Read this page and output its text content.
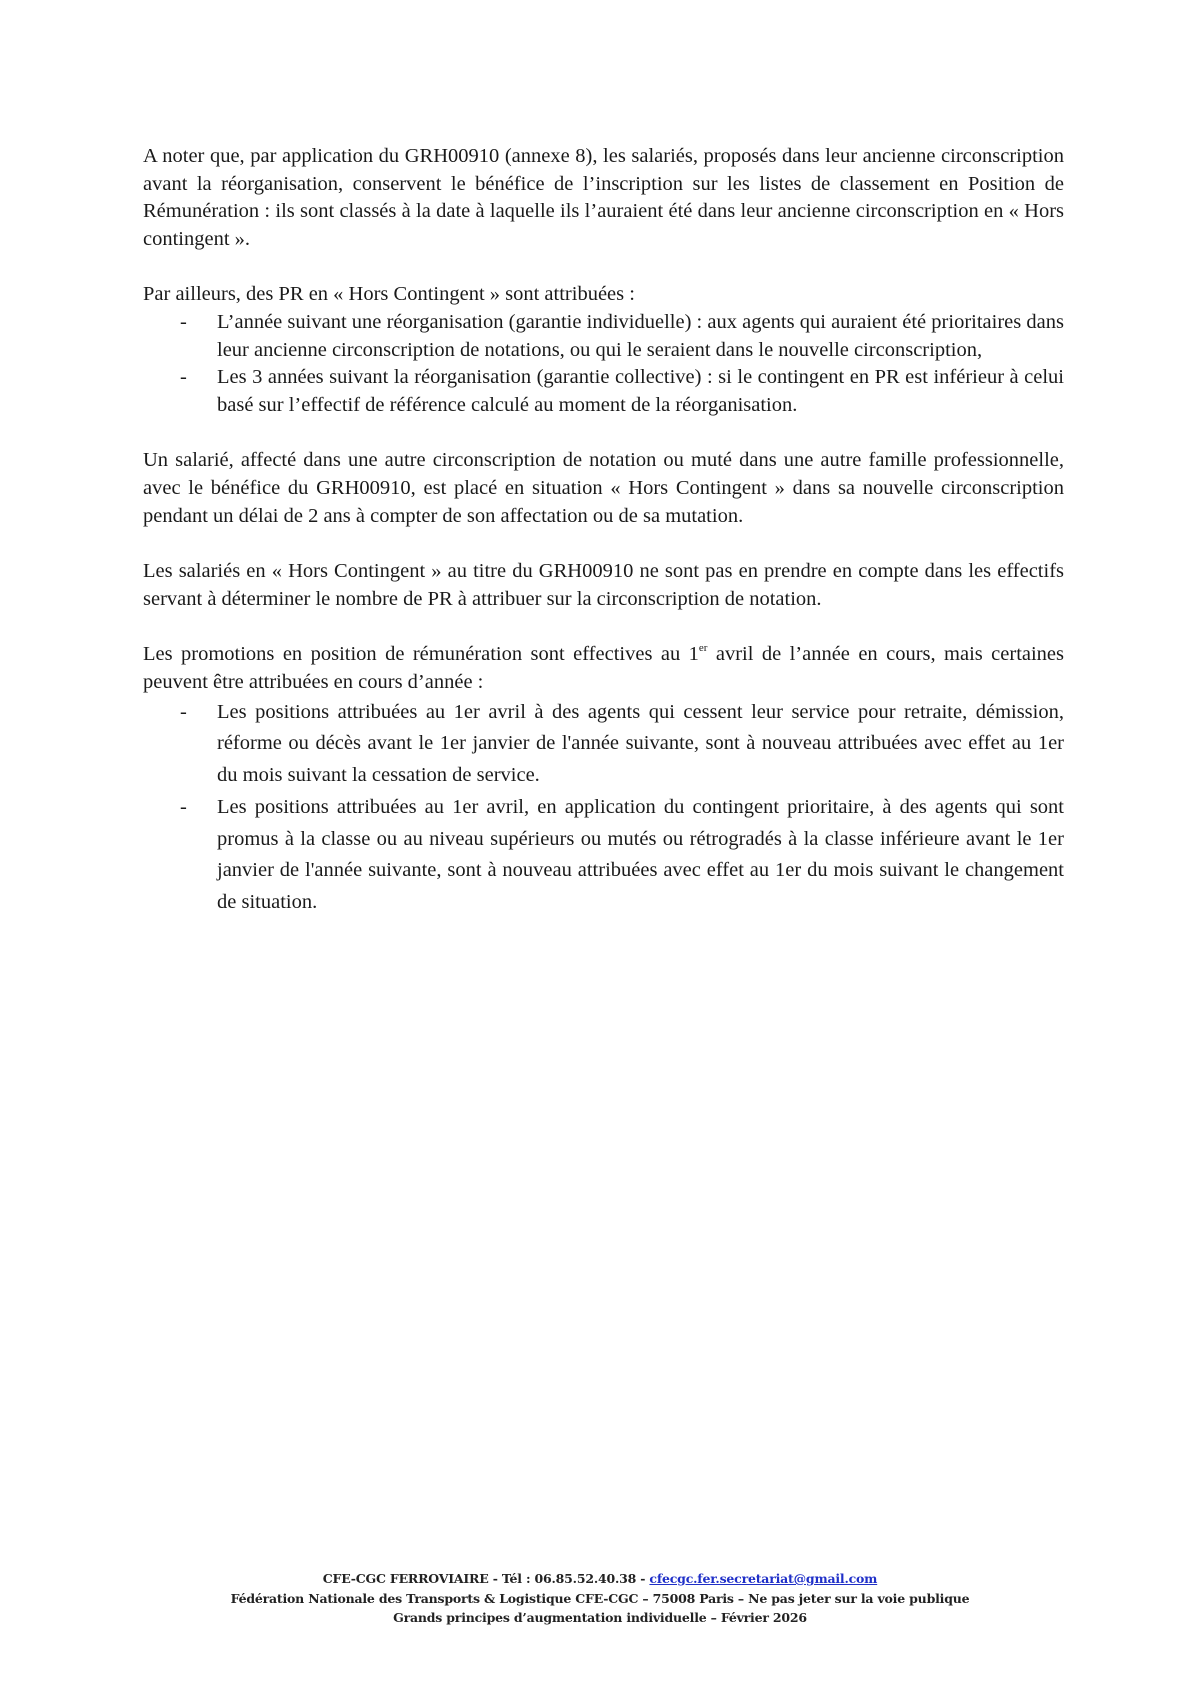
A noter que, par application du GRH00910 (annexe 8), les salariés, proposés dans leur ancienne circonscription avant la réorganisation, conservent le bénéfice de l’inscription sur les listes de classement en Position de Rémunération : ils sont classés à la date à laquelle ils l’auraient été dans leur ancienne circonscription en « Hors contingent ».

Par ailleurs, des PR en « Hors Contingent » sont attribuées :

- L’année suivant une réorganisation (garantie individuelle) : aux agents qui auraient été prioritaires dans leur ancienne circonscription de notations, ou qui le seraient dans le nouvelle circonscription,
- Les 3 années suivant la réorganisation (garantie collective) : si le contingent en PR est inférieur à celui basé sur l’effectif de référence calculé au moment de la réorganisation.

Un salarié, affecté dans une autre circonscription de notation ou muté dans une autre famille professionnelle, avec le bénéfice du GRH00910, est placé en situation « Hors Contingent » dans sa nouvelle circonscription pendant un délai de 2 ans à compter de son affectation ou de sa mutation.

Les salariés en « Hors Contingent » au titre du GRH00910 ne sont pas en prendre en compte dans les effectifs servant à déterminer le nombre de PR à attribuer sur la circonscription de notation.

Les promotions en position de rémunération sont effectives au 1er avril de l’année en cours, mais certaines peuvent être attribuées en cours d’année :

- Les positions attribuées au 1er avril à des agents qui cessent leur service pour retraite, démission, réforme ou décès avant le 1er janvier de l'année suivante, sont à nouveau attribuées avec effet au 1er du mois suivant la cessation de service.
- Les positions attribuées au 1er avril, en application du contingent prioritaire, à des agents qui sont promus à la classe ou au niveau supérieurs ou mutés ou rétrogradés à la classe inférieure avant le 1er janvier de l'année suivante, sont à nouveau attribuées avec effet au 1er du mois suivant le changement de situation.
CFE-CGC FERROVIAIRE - Tél : 06.85.52.40.38 - cfecgc.fer.secretariat@gmail.com
Fédération Nationale des Transports & Logistique CFE-CGC – 75008 Paris – Ne pas jeter sur la voie publique
Grands principes d’augmentation individuelle – Février 2026
